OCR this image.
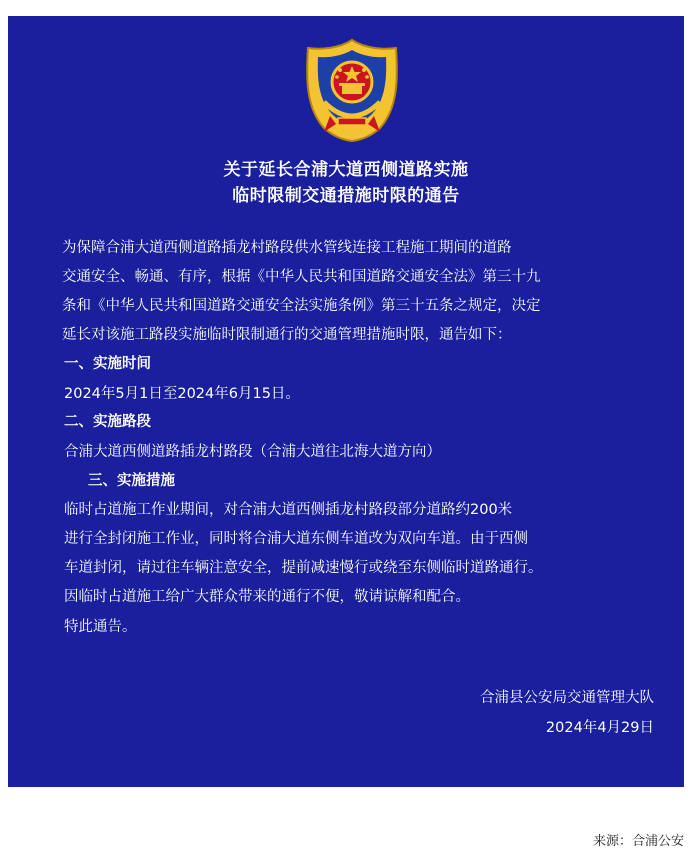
关于延长合浦大道西侧道路实施
临时限制交通措施时限的通告
为保障合浦大道西侧道路插龙村路段供水管线连接工程施工期间的道路
交通安全、畅通、有序，根据《中华人民共和国道路交通安全法》第三十九
条和《中华人民共和国道路交通安全法实施条例》第三十五条之规定，决定
延长对该施工路段实施临时限制通行的交通管理措施时限，通告如下：
一、实施时间
2024年5月1日至2024年6月15日。
二、实施路段
合浦大道西侧道路插龙村路段（合浦大道往北海大道方向）
三、实施措施
临时占道施工作业期间，对合浦大道西侧插龙村路段部分道路约200米
进行全封闭施工作业，同时将合浦大道东侧车道改为双向车道。由于西侧
车道封闭，请过往车辆注意安全，提前减速慢行或绕至东侧临时道路通行。
因临时占道施工给广大群众带来的通行不便，敬请谅解和配合。
特此通告。
合浦县公安局交通管理大队
2024年4月29日
来源：合浦公安
